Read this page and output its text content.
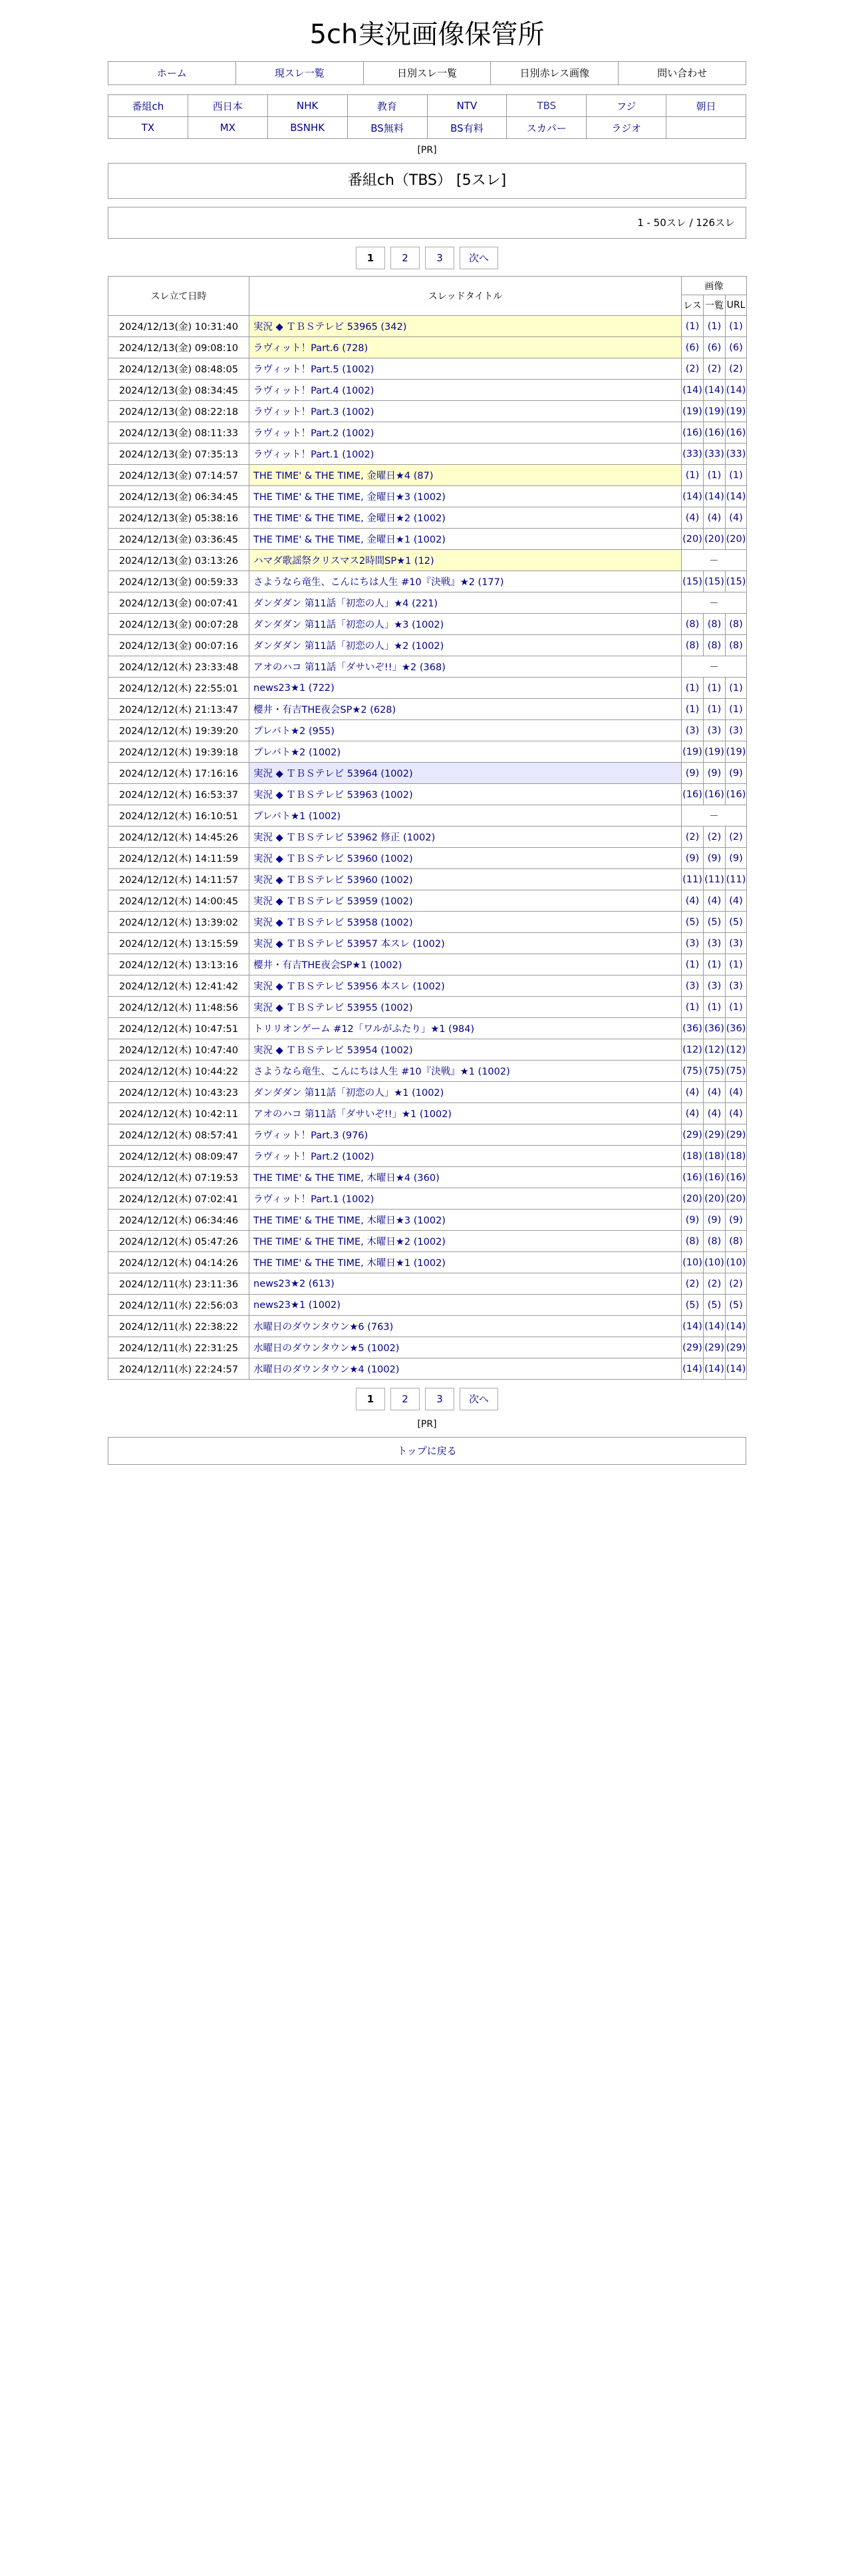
5ch実況画像保管所
ホーム	現スレ一覧	日別スレ一覧	日別赤レス画像	問い合わせ
番組ch	西日本	NHK	教育	NTV	TBS	フジ	朝日
TX	MX	BSNHK	BS無料	BS有料	スカパー	ラジオ	
[PR]
番組ch（TBS） [5スレ]
1 - 50スレ / 126スレ
1	2	3	次へ
スレ立て日時	スレッドタイトル	画像		
		レス	一覧	URL
2024/12/13(金) 10:31:40	実況 ◆ ＴＢＳテレビ 53965 (342)	(1)	(1)	(1)
2024/12/13(金) 09:08:10	ラヴィット！Part.6 (728)	(6)	(6)	(6)
2024/12/13(金) 08:48:05	ラヴィット！Part.5 (1002)	(2)	(2)	(2)
2024/12/13(金) 08:34:45	ラヴィット！Part.4 (1002)	(14)	(14)	(14)
2024/12/13(金) 08:22:18	ラヴィット！Part.3 (1002)	(19)	(19)	(19)
2024/12/13(金) 08:11:33	ラヴィット！Part.2 (1002)	(16)	(16)	(16)
2024/12/13(金) 07:35:13	ラヴィット！Part.1 (1002)	(33)	(33)	(33)
2024/12/13(金) 07:14:57	THE TIME' & THE TIME, 金曜日★4 (87)	(1)	(1)	(1)
2024/12/13(金) 06:34:45	THE TIME' & THE TIME, 金曜日★3 (1002)	(14)	(14)	(14)
2024/12/13(金) 05:38:16	THE TIME' & THE TIME, 金曜日★2 (1002)	(4)	(4)	(4)
2024/12/13(金) 03:36:45	THE TIME' & THE TIME, 金曜日★1 (1002)	(20)	(20)	(20)
2024/12/13(金) 03:13:26	ハマダ歌謡祭クリスマス2時間SP★1 (12)	－		
2024/12/13(金) 00:59:33	さようなら竜生、こんにちは人生 #10『決戦』★2 (177)	(15)	(15)	(15)
2024/12/13(金) 00:07:41	ダンダダン 第11話「初恋の人」★4 (221)	－		
2024/12/13(金) 00:07:28	ダンダダン 第11話「初恋の人」★3 (1002)	(8)	(8)	(8)
2024/12/13(金) 00:07:16	ダンダダン 第11話「初恋の人」★2 (1002)	(8)	(8)	(8)
2024/12/12(木) 23:33:48	アオのハコ 第11話「ダサいぞ!!」★2 (368)	－		
2024/12/12(木) 22:55:01	news23★1 (722)	(1)	(1)	(1)
2024/12/12(木) 21:13:47	櫻井・有吉THE夜会SP★2 (628)	(1)	(1)	(1)
2024/12/12(木) 19:39:20	プレバト★2 (955)	(3)	(3)	(3)
2024/12/12(木) 19:39:18	プレバト★2 (1002)	(19)	(19)	(19)
2024/12/12(木) 17:16:16	実況 ◆ ＴＢＳテレビ 53964 (1002)	(9)	(9)	(9)
2024/12/12(木) 16:53:37	実況 ◆ ＴＢＳテレビ 53963 (1002)	(16)	(16)	(16)
2024/12/12(木) 16:10:51	プレバト★1 (1002)	－		
2024/12/12(木) 14:45:26	実況 ◆ ＴＢＳテレビ 53962 修正 (1002)	(2)	(2)	(2)
2024/12/12(木) 14:11:59	実況 ◆ ＴＢＳテレビ 53960 (1002)	(9)	(9)	(9)
2024/12/12(木) 14:11:57	実況 ◆ ＴＢＳテレビ 53960 (1002)	(11)	(11)	(11)
2024/12/12(木) 14:00:45	実況 ◆ ＴＢＳテレビ 53959 (1002)	(4)	(4)	(4)
2024/12/12(木) 13:39:02	実況 ◆ ＴＢＳテレビ 53958 (1002)	(5)	(5)	(5)
2024/12/12(木) 13:15:59	実況 ◆ ＴＢＳテレビ 53957 本スレ (1002)	(3)	(3)	(3)
2024/12/12(木) 13:13:16	櫻井・有吉THE夜会SP★1 (1002)	(1)	(1)	(1)
2024/12/12(木) 12:41:42	実況 ◆ ＴＢＳテレビ 53956 本スレ (1002)	(3)	(3)	(3)
2024/12/12(木) 11:48:56	実況 ◆ ＴＢＳテレビ 53955 (1002)	(1)	(1)	(1)
2024/12/12(木) 10:47:51	トリリオンゲーム #12「ワルがふたり」★1 (984)	(36)	(36)	(36)
2024/12/12(木) 10:47:40	実況 ◆ ＴＢＳテレビ 53954 (1002)	(12)	(12)	(12)
2024/12/12(木) 10:44:22	さようなら竜生、こんにちは人生 #10『決戦』★1 (1002)	(75)	(75)	(75)
2024/12/12(木) 10:43:23	ダンダダン 第11話「初恋の人」★1 (1002)	(4)	(4)	(4)
2024/12/12(木) 10:42:11	アオのハコ 第11話「ダサいぞ!!」★1 (1002)	(4)	(4)	(4)
2024/12/12(木) 08:57:41	ラヴィット！Part.3 (976)	(29)	(29)	(29)
2024/12/12(木) 08:09:47	ラヴィット！Part.2 (1002)	(18)	(18)	(18)
2024/12/12(木) 07:19:53	THE TIME' & THE TIME, 木曜日★4 (360)	(16)	(16)	(16)
2024/12/12(木) 07:02:41	ラヴィット！Part.1 (1002)	(20)	(20)	(20)
2024/12/12(木) 06:34:46	THE TIME' & THE TIME, 木曜日★3 (1002)	(9)	(9)	(9)
2024/12/12(木) 05:47:26	THE TIME' & THE TIME, 木曜日★2 (1002)	(8)	(8)	(8)
2024/12/12(木) 04:14:26	THE TIME' & THE TIME, 木曜日★1 (1002)	(10)	(10)	(10)
2024/12/11(水) 23:11:36	news23★2 (613)	(2)	(2)	(2)
2024/12/11(水) 22:56:03	news23★1 (1002)	(5)	(5)	(5)
2024/12/11(水) 22:38:22	水曜日のダウンタウン★6 (763)	(14)	(14)	(14)
2024/12/11(水) 22:31:25	水曜日のダウンタウン★5 (1002)	(29)	(29)	(29)
2024/12/11(水) 22:24:57	水曜日のダウンタウン★4 (1002)	(14)	(14)	(14)
1	2	3	次へ
[PR]
トップに戻る
